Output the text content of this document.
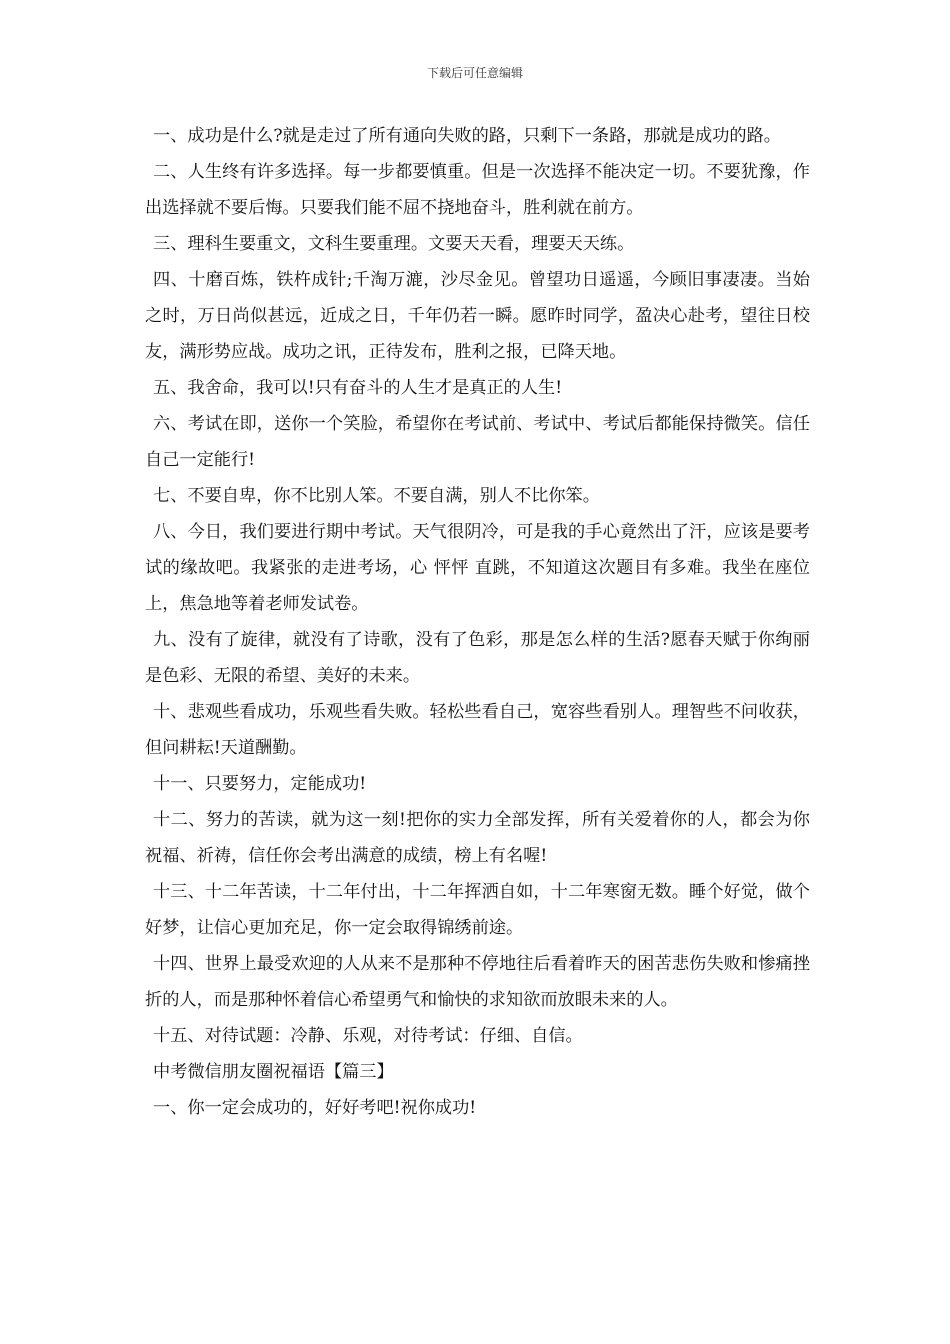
下载后可任意编辑

一、成功是什么?就是走过了所有通向失败的路，只剩下一条路，那就是成功的路。

二、人生终有许多选择。每一步都要慎重。但是一次选择不能决定一切。不要犹豫，作出选择就不要后悔。只要我们能不屈不挠地奋斗，胜利就在前方。

三、理科生要重文，文科生要重理。文要天天看，理要天天练。

四、十磨百炼，铁杵成针;千淘万漉，沙尽金见。曾望功日遥遥，今顾旧事凄凄。当始之时，万日尚似甚远，近成之日，千年仍若一瞬。愿昨时同学，盈决心赴考，望往日校友，满形势应战。成功之讯，正待发布，胜利之报，已降天地。

五、我舍命，我可以!只有奋斗的人生才是真正的人生!

六、考试在即，送你一个笑脸，希望你在考试前、考试中、考试后都能保持微笑。信任自己一定能行!

七、不要自卑，你不比别人笨。不要自满，别人不比你笨。

八、今日，我们要进行期中考试。天气很阴冷，可是我的手心竟然出了汗，应该是要考试的缘故吧。我紧张的走进考场，心 怦怦 直跳，不知道这次题目有多难。我坐在座位上，焦急地等着老师发试卷。

九、没有了旋律，就没有了诗歌，没有了色彩，那是怎么样的生活?愿春天赋于你绚丽是色彩、无限的希望、美好的未来。

十、悲观些看成功，乐观些看失败。轻松些看自己，宽容些看别人。理智些不问收获，但问耕耘!天道酬勤。

十一、只要努力，定能成功!

十二、努力的苦读，就为这一刻!把你的实力全部发挥，所有关爱着你的人，都会为你祝福、祈祷，信任你会考出满意的成绩，榜上有名喔!

十三、十二年苦读，十二年付出，十二年挥洒自如，十二年寒窗无数。睡个好觉，做个好梦，让信心更加充足，你一定会取得锦绣前途。

十四、世界上最受欢迎的人从来不是那种不停地往后看着昨天的困苦悲伤失败和惨痛挫折的人，而是那种怀着信心希望勇气和愉快的求知欲而放眼未来的人。

十五、对待试题：冷静、乐观，对待考试：仔细、自信。

中考微信朋友圈祝福语【篇三】

一、你一定会成功的，好好考吧!祝你成功!
